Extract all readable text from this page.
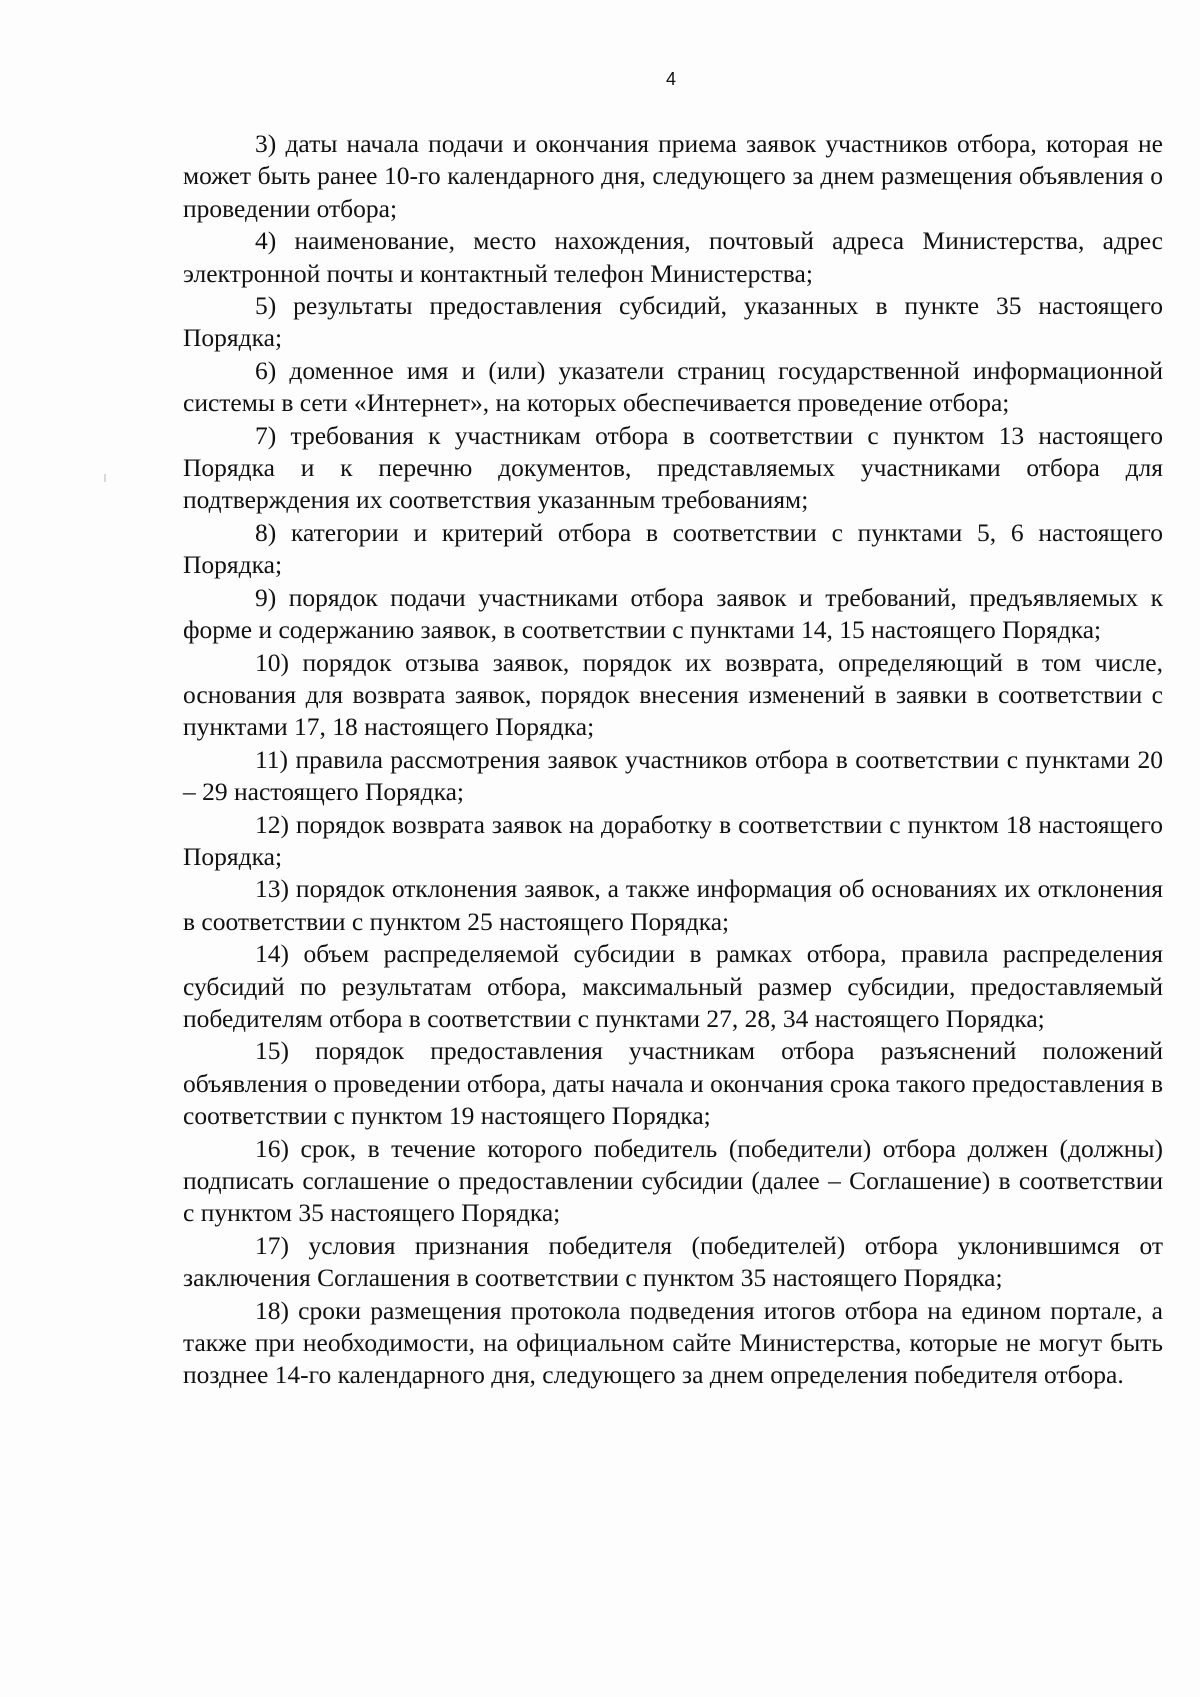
4

3) даты начала подачи и окончания приема заявок участников отбора, которая не может быть ранее 10-го календарного дня, следующего за днем размещения объявления о проведении отбора;

4) наименование, место нахождения, почтовый адреса Министерства, адрес электронной почты и контактный телефон Министерства;

5) результаты предоставления субсидий, указанных в пункте 35 настоящего Порядка;

6) доменное имя и (или) указатели страниц государственной информационной системы в сети «Интернет», на которых обеспечивается проведение отбора;

7) требования к участникам отбора в соответствии с пунктом 13 настоящего Порядка и к перечню документов, представляемых участниками отбора для подтверждения их соответствия указанным требованиям;

8) категории и критерий отбора в соответствии с пунктами 5, 6 настоящего Порядка;

9) порядок подачи участниками отбора заявок и требований, предъявляемых к форме и содержанию заявок, в соответствии с пунктами 14, 15 настоящего Порядка;

10) порядок отзыва заявок, порядок их возврата, определяющий в том числе, основания для возврата заявок, порядок внесения изменений в заявки в соответствии с пунктами 17, 18 настоящего Порядка;

11) правила рассмотрения заявок участников отбора в соответствии с пунктами 20 – 29 настоящего Порядка;

12) порядок возврата заявок на доработку в соответствии с пунктом 18 настоящего Порядка;

13) порядок отклонения заявок, а также информация об основаниях их отклонения в соответствии с пунктом 25 настоящего Порядка;

14) объем распределяемой субсидии в рамках отбора, правила распределения субсидий по результатам отбора, максимальный размер субсидии, предоставляемый победителям отбора в соответствии с пунктами 27, 28, 34 настоящего Порядка;

15) порядок предоставления участникам отбора разъяснений положений объявления о проведении отбора, даты начала и окончания срока такого предоставления в соответствии с пунктом 19 настоящего Порядка;

16) срок, в течение которого победитель (победители) отбора должен (должны) подписать соглашение о предоставлении субсидии (далее – Соглашение) в соответствии с пунктом 35 настоящего Порядка;

17) условия признания победителя (победителей) отбора уклонившимся от заключения Соглашения в соответствии с пунктом 35 настоящего Порядка;

18) сроки размещения протокола подведения итогов отбора на едином портале, а также при необходимости, на официальном сайте Министерства, которые не могут быть позднее 14-го календарного дня, следующего за днем определения победителя отбора.
